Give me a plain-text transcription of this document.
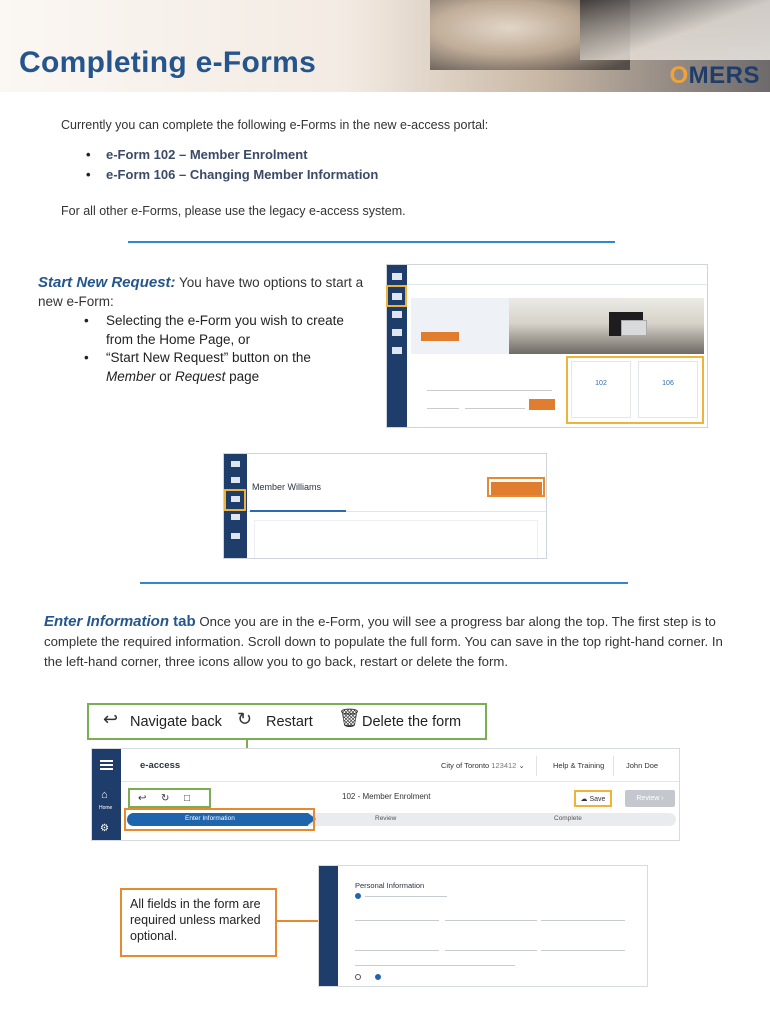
Completing e-Forms	OMERS
Currently you can complete the following e-Forms in the new e-access portal:
• e-Form 102 – Member Enrolment
• e-Form 106 – Changing Member Information
For all other e-Forms, please use the legacy e-access system.
Start New Request: You have two options to start a new e-Form:
• Selecting the e-Form you wish to create from the Home Page, or
• “Start New Request” button on the Member or Request page	102	106
Member Williams
Enter Information tab Once you are in the e-Form, you will see a progress bar along the top. The first step is to complete the required information. Scroll down to populate the full form. You can save in the top right-hand corner. In the left-hand corner, three icons allow you to go back, restart or delete the form.
↩ Navigate back ↻ Restart 🗑 Delete the form
⌂
Home
⚙
e-access	City of Toronto 123412 ⌄	Help & Training	John Doe
↩ ↻ □	102 - Member Enrolment	☁ Save	Review ›
Enter Information	Review	Complete
Personal Information
All fields in the form are required unless marked optional.
